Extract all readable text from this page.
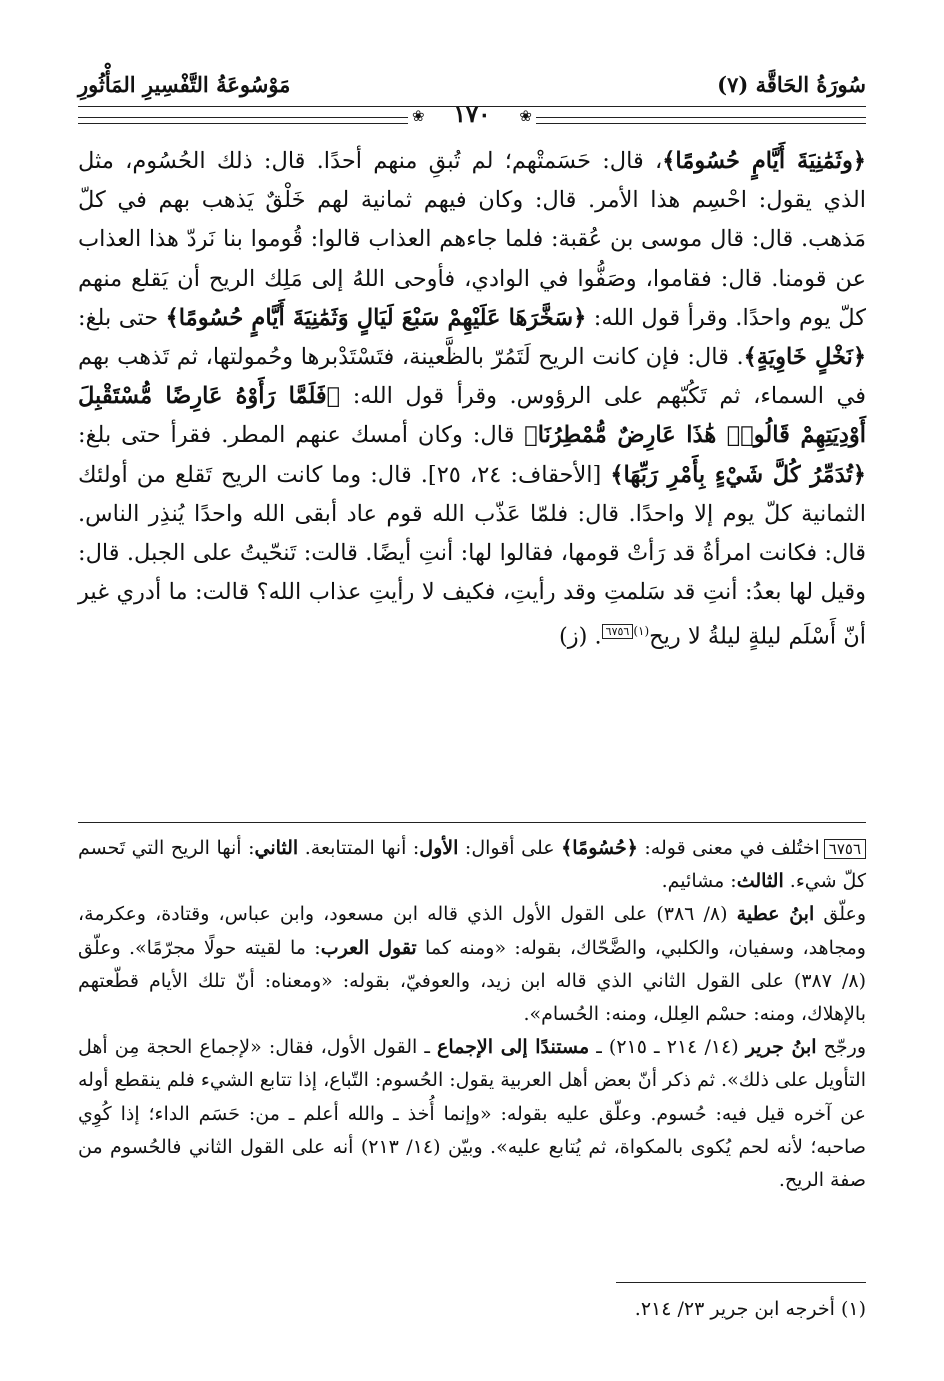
سُورَةُ الحَاقَّة (٧)
مَوْسُوعَةُ التَّفْسِيرِ المَأْثُورِ
❀
١٧٠
❀

﴿وثَمَٰنِيَةَ أَيَّامٍ حُسُومًا﴾، قال: حَسَمتْهم؛ لم تُبقِ منهم أحدًا. قال: ذلك الحُسُوم، مثل الذي يقول: احْسِم هذا الأمر. قال: وكان فيهم ثمانية لهم خَلْقٌ يَذهب بهم في كلّ مَذهب. قال: قال موسى بن عُقبة: فلما جاءهم العذاب قالوا: قُوموا بنا نَردّ هذا العذاب عن قومنا. قال: فقاموا، وصَفُّوا في الوادي، فأوحى اللهُ إلى مَلِك الريح أن يَقلع منهم كلّ يوم واحدًا. وقرأ قول الله: ﴿سَخَّرَهَا عَلَيْهِمْ سَبْعَ لَيَالٍ وَثَمَٰنِيَةَ أَيَّامٍ حُسُومًا﴾ حتى بلغ: ﴿نَخْلٍ خَاوِيَةٍ﴾. قال: فإن كانت الريح لَتَمُرّ بالظَّعينة، فتَسْتَدْبرها وحُمولتها، ثم تَذهب بهم في السماء، ثم تَكُبّهم على الرؤوس. وقرأ قول الله: ﴿فَلَمَّا رَأَوْهُ عَارِضًا مُّسْتَقْبِلَ أَوْدِيَتِهِمْ قَالُوا۟ هَٰذَا عَارِضٌ مُّمْطِرُنَا﴾ قال: وكان أمسك عنهم المطر. فقرأ حتى بلغ: ﴿تُدَمِّرُ كُلَّ شَيْءٍ بِأَمْرِ رَبِّهَا﴾ [الأحقاف: ٢٤، ٢٥]. قال: وما كانت الريح تَقلع من أولئك الثمانية كلّ يوم إلا واحدًا. قال: فلمّا عَذّب الله قوم عاد أبقى الله واحدًا يُنذِر الناس. قال: فكانت امرأةُ قد رَأتْ قومها، فقالوا لها: أنتِ أيضًا. قالت: تَنحّيتُ على الجبل. قال: وقيل لها بعدُ: أنتِ قد سَلمتِ وقد رأيتِ، فكيف لا رأيتِ عذاب الله؟ قالت: ما أدري غير أنّ أَسْلَم ليلةٍ ليلةُ لا ريح$^{(١)}$٦٧٥٦. (ز)

٦٧٥٦اختُلف في معنى قوله: ﴿حُسُومًا﴾ على أقوال: الأول: أنها المتتابعة. الثاني: أنها الريح التي تَحسم كلّ شيء. الثالث: مشائيم.

وعلّق ابنُ عطية (٨/ ٣٨٦) على القول الأول الذي قاله ابن مسعود، وابن عباس، وقتادة، وعكرمة، ومجاهد، وسفيان، والكلبي، والضَّحّاك، بقوله: «ومنه كما تقول العرب: ما لقيته حولًا مجرّمًا». وعلّق (٨/ ٣٨٧) على القول الثاني الذي قاله ابن زيد، والعوفيّ، بقوله: «ومعناه: أنّ تلك الأيام قطّعتهم بالإهلاك، ومنه: حسْم العِلل، ومنه: الحُسام».

ورجّح ابنُ جرير (١٤/ ٢١٤ ـ ٢١٥) ـ مستندًا إلى الإجماع ـ القول الأول، فقال: «لإجماع الحجة مِن أهل التأويل على ذلك». ثم ذكر أنّ بعض أهل العربية يقول: الحُسوم: التّباع، إذا تتابع الشيء فلم ينقطع أوله عن آخره قيل فيه: حُسوم. وعلّق عليه بقوله: «وإنما أُخذ ـ والله أعلم ـ من: حَسَم الداء؛ إذا كُوِي صاحبه؛ لأنه لحم يُكوى بالمكواة، ثم يُتابع عليه». وبيّن (١٤/ ٢١٣) أنه على القول الثاني فالحُسوم من صفة الريح.

(١) أخرجه ابن جرير ٢٣/ ٢١٤.
